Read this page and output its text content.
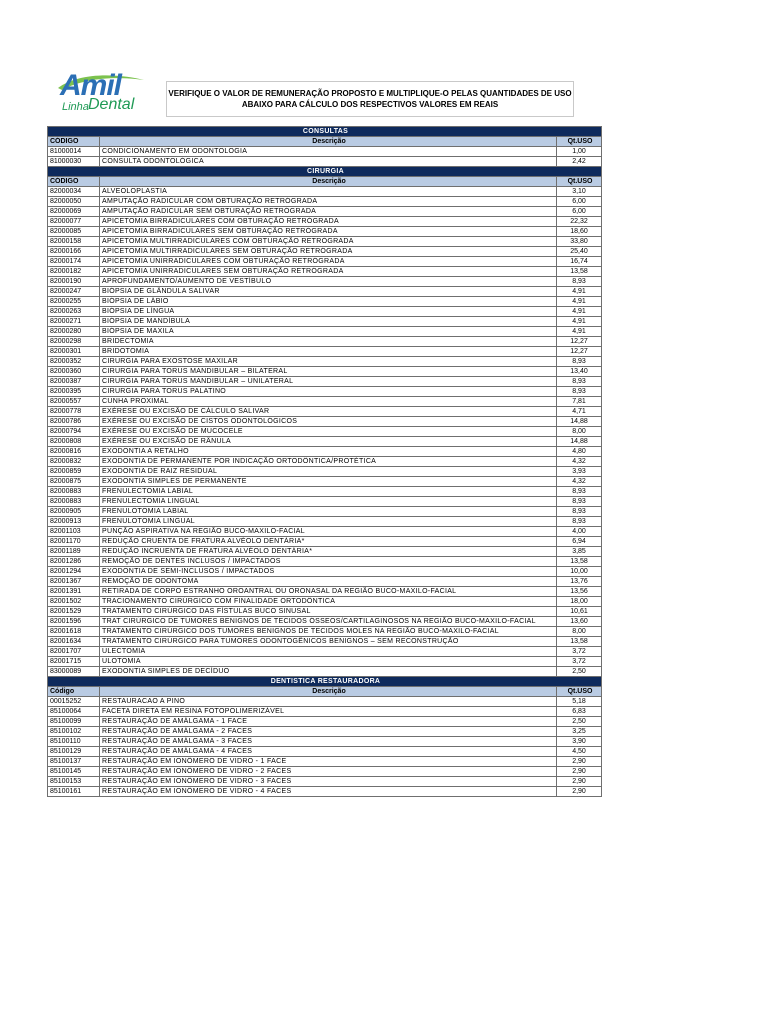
Amil
Linha Dental
VERIFIQUE O VALOR DE REMUNERAÇÃO PROPOSTO E MULTIPLIQUE-O PELAS QUANTIDADES DE USO
ABAIXO PARA CÁLCULO DOS RESPECTIVOS VALORES EM REAIS
CONSULTAS		
CÓDIGO	Descrição	Qt.USO
81000014	CONDICIONAMENTO EM ODONTOLOGIA	1,00
81000030	CONSULTA ODONTOLÓGICA	2,42
CIRURGIA		
CÓDIGO	Descrição	Qt.USO
82000034	ALVEOLOPLASTIA	3,10
82000050	AMPUTAÇÃO RADICULAR COM OBTURAÇÃO RETRÓGRADA	6,00
82000069	AMPUTAÇÃO RADICULAR SEM OBTURAÇÃO RETRÓGRADA	6,00
82000077	APICETOMIA BIRRADICULARES COM OBTURAÇÃO RETRÓGRADA	22,32
82000085	APICETOMIA BIRRADICULARES SEM OBTURAÇÃO RETRÓGRADA	18,60
82000158	APICETOMIA MULTIRRADICULARES COM OBTURAÇÃO RETRÓGRADA	33,80
82000166	APICETOMIA MULTIRRADICULARES SEM OBTURAÇÃO RETRÓGRADA	25,40
82000174	APICETOMIA UNIRRADICULARES COM OBTURAÇÃO RETRÓGRADA	16,74
82000182	APICETOMIA UNIRRADICULARES SEM OBTURAÇÃO RETRÓGRADA	13,58
82000190	APROFUNDAMENTO/AUMENTO DE VESTÍBULO	8,93
82000247	BIÓPSIA DE GLÂNDULA SALIVAR	4,91
82000255	BIÓPSIA DE LÁBIO	4,91
82000263	BIÓPSIA DE LÍNGUA	4,91
82000271	BIÓPSIA DE MANDÍBULA	4,91
82000280	BIÓPSIA DE MAXILA	4,91
82000298	BRIDECTOMIA	12,27
82000301	BRIDOTOMIA	12,27
82000352	CIRURGIA PARA EXOSTOSE MAXILAR	8,93
82000360	CIRURGIA PARA TORUS MANDIBULAR – BILATERAL	13,40
82000387	CIRURGIA PARA TORUS MANDIBULAR – UNILATERAL	8,93
82000395	CIRURGIA PARA TORUS PALATINO	8,93
82000557	CUNHA PROXIMAL	7,81
82000778	EXÉRESE OU EXCISÃO DE CÁLCULO SALIVAR	4,71
82000786	EXÉRESE OU EXCISÃO DE CISTOS ODONTOLÓGICOS	14,88
82000794	EXÉRESE OU EXCISÃO DE MUCOCELE	8,00
82000808	EXÉRESE OU EXCISÃO DE RÂNULA	14,88
82000816	EXODONTIA A RETALHO	4,80
82000832	EXODONTIA DE PERMANENTE POR INDICAÇÃO ORTODÔNTICA/PROTÉTICA	4,32
82000859	EXODONTIA DE RAIZ RESIDUAL	3,93
82000875	EXODONTIA SIMPLES DE PERMANENTE	4,32
82000883	FRENULECTOMIA LABIAL	8,93
82000883	FRENULECTOMIA LINGUAL	8,93
82000905	FRENULOTOMIA LABIAL	8,93
82000913	FRENULOTOMIA LINGUAL	8,93
82001103	PUNÇÃO ASPIRATIVA NA REGIÃO BUCO-MAXILO-FACIAL	4,00
82001170	REDUÇÃO CRUENTA DE FRATURA ALVÉOLO DENTÁRIA*	6,94
82001189	REDUÇÃO INCRUENTA DE FRATURA ALVÉOLO DENTÁRIA*	3,85
82001286	REMOÇÃO DE DENTES INCLUSOS / IMPACTADOS	13,58
82001294	EXODONTIA DE SEMI-INCLUSOS / IMPACTADOS	10,00
82001367	REMOÇÃO DE ODONTOMA	13,76
82001391	RETIRADA DE CORPO ESTRANHO OROANTRAL OU ORONASAL DA REGIÃO BUCO-MAXILO-FACIAL	13,56
82001502	TRACIONAMENTO CIRÚRGICO COM FINALIDADE ORTODÔNTICA	18,00
82001529	TRATAMENTO CIRÚRGICO DAS FÍSTULAS BUCO SINUSAL	10,61
82001596	TRAT CIRÚRGICO DE TUMORES BENIGNOS DE TECIDOS ÓSSEOS/CARTILAGINOSOS NA REGIÃO BUCO-MAXILO-FACIAL	13,60
82001618	TRATAMENTO CIRÚRGICO DOS TUMORES BENIGNOS DE TECIDOS MOLES NA REGIÃO BUCO-MAXILO-FACIAL	8,00
82001634	TRATAMENTO CIRÚRGICO PARA TUMORES ODONTOGÊNICOS BENIGNOS – SEM RECONSTRUÇÃO	13,58
82001707	ULECTOMIA	3,72
82001715	ULOTOMIA	3,72
83000089	EXODONTIA SIMPLES DE DECÍDUO	2,50
DENTISTICA RESTAURADORA		
Código	Descrição	Qt.USO
00015252	RESTAURACAO A PINO	5,18
85100064	FACETA DIRETA EM RESINA FOTOPOLIMERIZÁVEL	6,83
85100099	RESTAURAÇÃO DE AMÁLGAMA - 1 FACE	2,50
85100102	RESTAURAÇÃO DE AMÁLGAMA - 2 FACES	3,25
85100110	RESTAURAÇÃO DE AMÁLGAMA - 3 FACES	3,90
85100129	RESTAURAÇÃO DE AMÁLGAMA - 4 FACES	4,50
85100137	RESTAURAÇÃO EM IONÔMERO DE VIDRO - 1 FACE	2,90
85100145	RESTAURAÇÃO EM IONÔMERO DE VIDRO - 2 FACES	2,90
85100153	RESTAURAÇÃO EM IONÔMERO DE VIDRO - 3 FACES	2,90
85100161	RESTAURAÇÃO EM IONÔMERO DE VIDRO - 4 FACES	2,90
